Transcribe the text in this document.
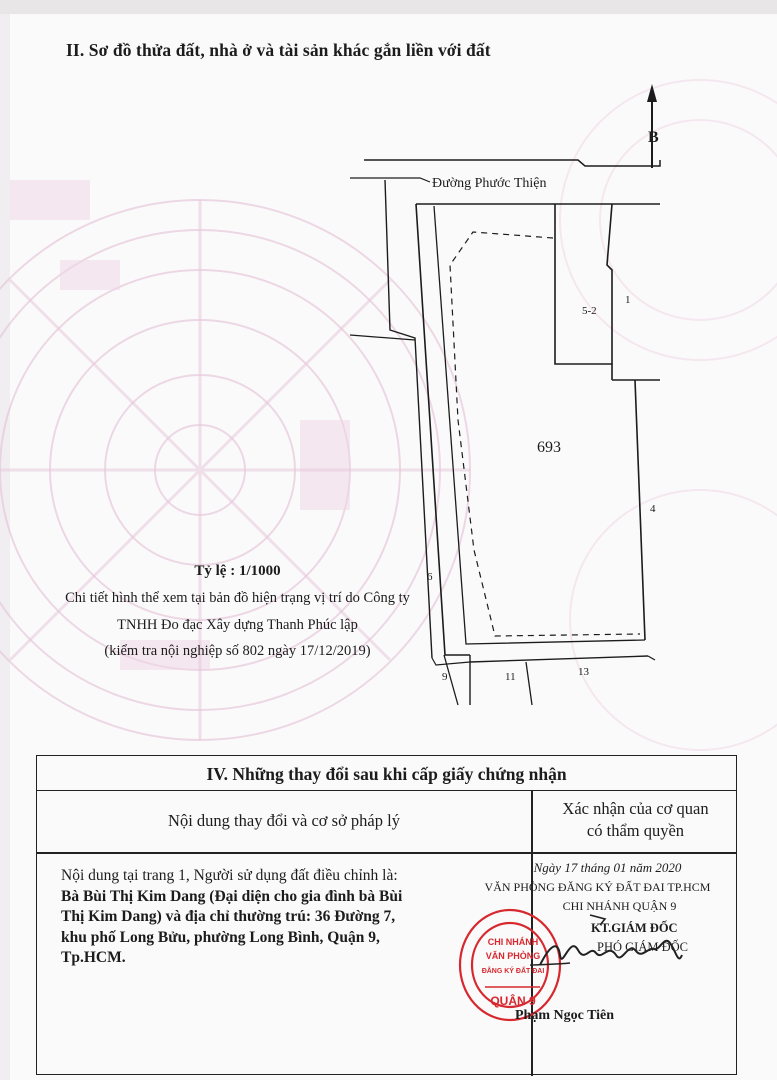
II. Sơ đồ thửa đất, nhà ở và tài sản khác gắn liền với đất
B
Đường Phước Thiện
5-2
1
693
4
6
9	11	13
Tỷ lệ : 1/1000
Chi tiết hình thể xem tại bản đồ hiện trạng vị trí do Công ty
TNHH Đo đạc Xây dựng Thanh Phúc lập
(kiểm tra nội nghiệp số 802 ngày 17/12/2019)
IV. Những thay đổi sau khi cấp giấy chứng nhận
Nội dung thay đổi và cơ sở pháp lý
Xác nhận của cơ quan
có thẩm quyền
Nội dung tại trang 1, Người sử dụng đất điều chỉnh là:
Bà Bùi Thị Kim Dang (Đại diện cho gia đình bà Bùi
Thị Kim Dang) và địa chỉ thường trú: 36 Đường 7,
khu phố Long Bửu, phường Long Bình, Quận 9,
Tp.HCM.
Ngày 17 tháng 01 năm 2020
VĂN PHÒNG ĐĂNG KÝ ĐẤT ĐAI TP.HCM
CHI NHÁNH QUẬN 9
KT.GIÁM ĐỐC
PHÓ GIÁM ĐỐC
CHI NHÁNH
VĂN PHÒNG
ĐĂNG KÝ ĐẤT ĐAI
QUẬN 9
Phạm Ngọc Tiên
